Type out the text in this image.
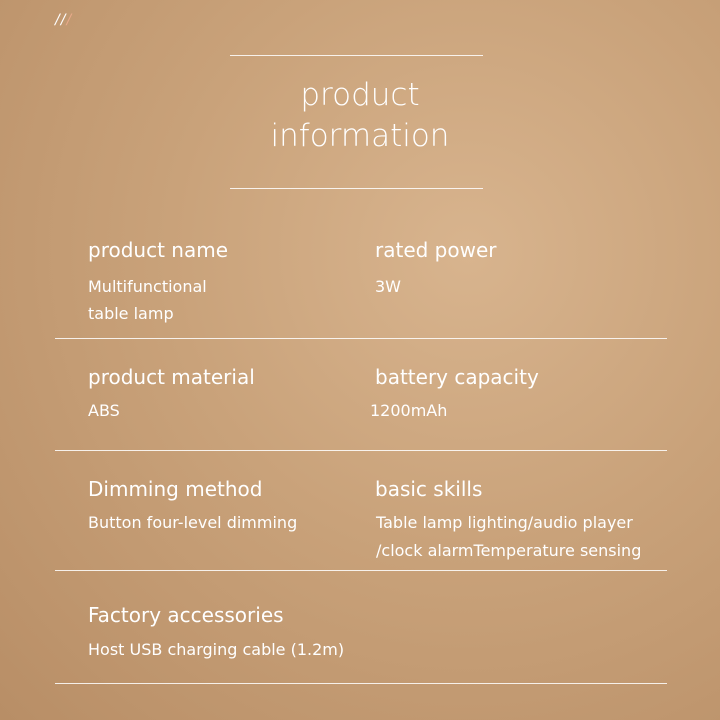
///
product
information
product name
Multifunctional
table lamp
rated power
3W
product material
ABS
battery capacity
1200mAh
Dimming method
Button four-level dimming
basic skills
Table lamp lighting/audio player
/clock alarmTemperature sensing
Factory accessories
Host USB charging cable (1.2m)
